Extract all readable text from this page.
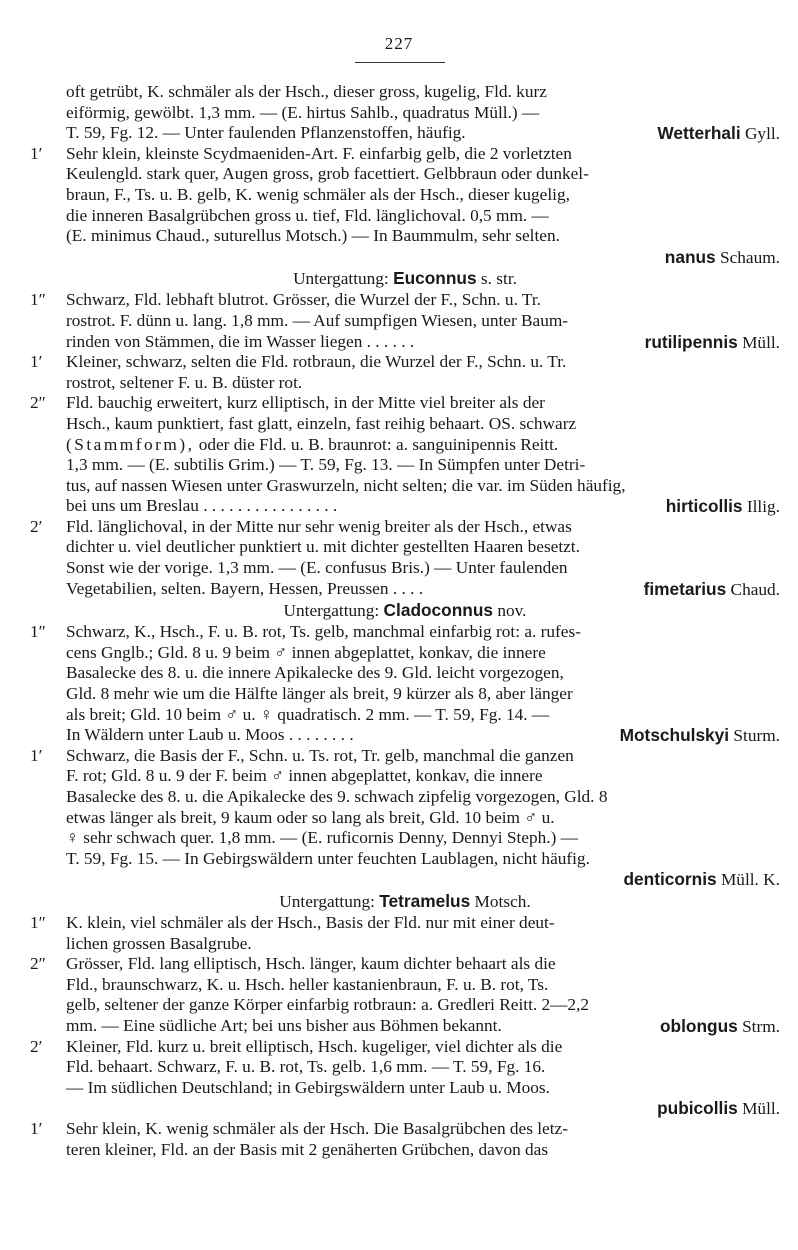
227
oft getrübt, K. schmäler als der Hsch., dieser gross, kugelig, Fld. kurz
eiförmig, gewölbt. 1,3 mm. — (E. hirtus Sahlb., quadratus Müll.) —
T. 59, Fg. 12. — Unter faulenden Pflanzenstoffen, häufig.	Wetterhali Gyll.
1′	Sehr klein, kleinste Scydmaeniden-Art. F. einfarbig gelb, die 2 vorletzten
Keulengld. stark quer, Augen gross, grob facettiert. Gelbbraun oder dunkel-
braun, F., Ts. u. B. gelb, K. wenig schmäler als der Hsch., dieser kugelig,
die inneren Basalgrübchen gross u. tief, Fld. länglichoval. 0,5 mm. —
(E. minimus Chaud., suturellus Motsch.) — In Baummulm, sehr selten.
nanus Schaum.
Untergattung: Euconnus s. str.
1″	Schwarz, Fld. lebhaft blutrot. Grösser, die Wurzel der F., Schn. u. Tr.
rostrot. F. dünn u. lang. 1,8 mm. — Auf sumpfigen Wiesen, unter Baum-
rinden von Stämmen, die im Wasser liegen . . . . . .	rutilipennis Müll.
1′	Kleiner, schwarz, selten die Fld. rotbraun, die Wurzel der F., Schn. u. Tr.
rostrot, seltener F. u. B. düster rot.
2″	Fld. bauchig erweitert, kurz elliptisch, in der Mitte viel breiter als der
Hsch., kaum punktiert, fast glatt, einzeln, fast reihig behaart. OS. schwarz
(Stammform), oder die Fld. u. B. braunrot: a. sanguinipennis Reitt.
1,3 mm. — (E. subtilis Grim.) — T. 59, Fg. 13. — In Sümpfen unter Detri-
tus, auf nassen Wiesen unter Graswurzeln, nicht selten; die var. im Süden häufig,
bei uns um Breslau . . . . . . . . . . . . . . . .	hirticollis Illig.
2′	Fld. länglichoval, in der Mitte nur sehr wenig breiter als der Hsch., etwas
dichter u. viel deutlicher punktiert u. mit dichter gestellten Haaren besetzt.
Sonst wie der vorige. 1,3 mm. — (E. confusus Bris.) — Unter faulenden
Vegetabilien, selten. Bayern, Hessen, Preussen . . . .	fimetarius Chaud.
Untergattung: Cladoconnus nov.
1″	Schwarz, K., Hsch., F. u. B. rot, Ts. gelb, manchmal einfarbig rot: a. rufes-
cens Gnglb.; Gld. 8 u. 9 beim ♂ innen abgeplattet, konkav, die innere
Basalecke des 8. u. die innere Apikalecke des 9. Gld. leicht vorgezogen,
Gld. 8 mehr wie um die Hälfte länger als breit, 9 kürzer als 8, aber länger
als breit; Gld. 10 beim ♂ u. ♀ quadratisch. 2 mm. — T. 59, Fg. 14. —
In Wäldern unter Laub u. Moos . . . . . . . .	Motschulskyi Sturm.
1′	Schwarz, die Basis der F., Schn. u. Ts. rot, Tr. gelb, manchmal die ganzen
F. rot; Gld. 8 u. 9 der F. beim ♂ innen abgeplattet, konkav, die innere
Basalecke des 8. u. die Apikalecke des 9. schwach zipfelig vorgezogen, Gld. 8
etwas länger als breit, 9 kaum oder so lang als breit, Gld. 10 beim ♂ u.
♀ sehr schwach quer. 1,8 mm. — (E. ruficornis Denny, Dennyi Steph.) —
T. 59, Fg. 15. — In Gebirgswäldern unter feuchten Laublagen, nicht häufig.
denticornis Müll. K.
Untergattung: Tetramelus Motsch.
1″	K. klein, viel schmäler als der Hsch., Basis der Fld. nur mit einer deut-
lichen grossen Basalgrube.
2″	Grösser, Fld. lang elliptisch, Hsch. länger, kaum dichter behaart als die
Fld., braunschwarz, K. u. Hsch. heller kastanienbraun, F. u. B. rot, Ts.
gelb, seltener der ganze Körper einfarbig rotbraun: a. Gredleri Reitt. 2—2,2
mm. — Eine südliche Art; bei uns bisher aus Böhmen bekannt.	oblongus Strm.
2′	Kleiner, Fld. kurz u. breit elliptisch, Hsch. kugeliger, viel dichter als die
Fld. behaart. Schwarz, F. u. B. rot, Ts. gelb. 1,6 mm. — T. 59, Fg. 16.
— Im südlichen Deutschland; in Gebirgswäldern unter Laub u. Moos.
pubicollis Müll.
1′	Sehr klein, K. wenig schmäler als der Hsch. Die Basalgrübchen des letz-
teren kleiner, Fld. an der Basis mit 2 genäherten Grübchen, davon das
